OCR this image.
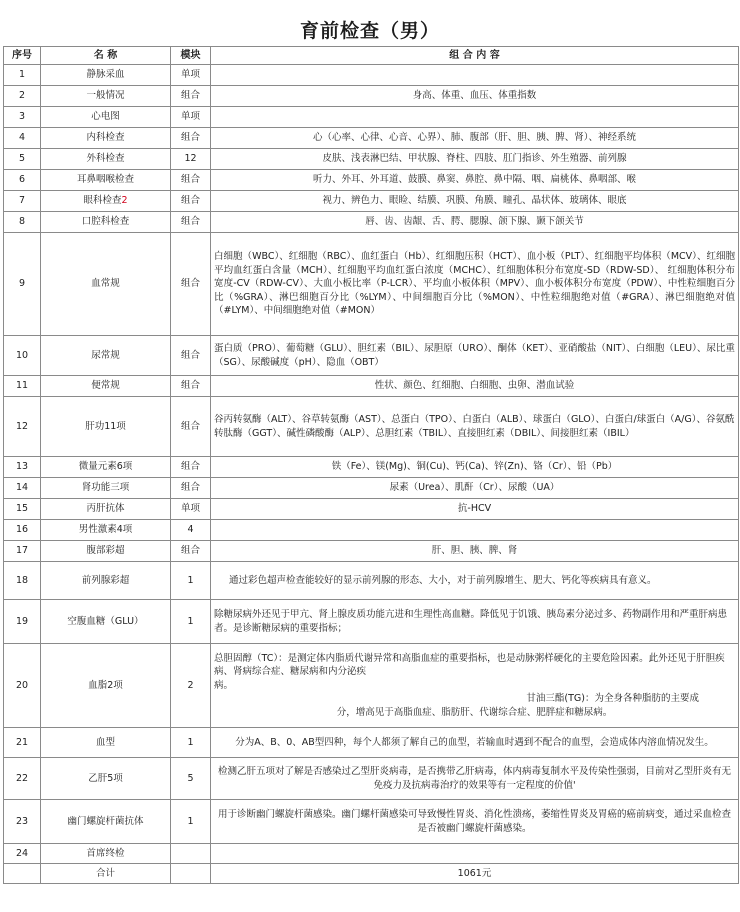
育前检查（男）
序号	名 称	模块	组 合 内 容
1	静脉采血	单项	
2	一般情况	组合	身高、体重、血压、体重指数
3	心电图	单项	
4	内科检查	组合	心（心率、心律、心音、心界）、肺、腹部（肝、胆、胰、脾、肾）、神经系统
5	外科检查	12	皮肤、浅表淋巴结、甲状腺、脊柱、四肢、肛门指诊、外生殖器、前列腺
6	耳鼻咽喉检查	组合	听力、外耳、外耳道、鼓膜、鼻窦、鼻腔、鼻中隔、咽、扁桃体、鼻咽部、喉
7	眼科检查2	组合	视力、辨色力、眼睑、结膜、巩膜、角膜、瞳孔、晶状体、玻璃体、眼底
8	口腔科检查	组合	唇、齿、齿龈、舌、腭、腮腺、颌下腺、颞下颌关节
9	血常规	组合	白细胞（WBC）、红细胞（RBC）、血红蛋白（Hb）、红细胞压积（HCT）、血小板（PLT）、红细胞平均体积（MCV）、红细胞平均血红蛋白含量（MCH）、红细胞平均血红蛋白浓度（MCHC）、红细胞体积分布宽度-SD（RDW-SD）、 红细胞体积分布宽度-CV（RDW-CV）、大血小板比率（P-LCR）、平均血小板体积（MPV）、血小板体积分布宽度（PDW）、中性粒细胞百分比（%GRA）、淋巴细胞百分比（%LYM）、中间细胞百分比（%MON）、中性粒细胞绝对值（#GRA）、淋巴细胞绝对值（#LYM）、中间细胞绝对值（#MON）
10	尿常规	组合	蛋白质（PRO）、葡萄糖（GLU）、胆红素（BIL）、尿胆原（URO）、酮体（KET）、亚硝酸盐（NIT）、白细胞（LEU）、尿比重（SG）、尿酸碱度（pH）、隐血（OBT）
11	便常规	组合	性状、颜色、红细胞、白细胞、虫卵、潜血试验
12	肝功11项	组合	谷丙转氨酶（ALT）、谷草转氨酶（AST）、总蛋白（TPO）、白蛋白（ALB）、球蛋白（GLO）、白蛋白/球蛋白（A/G）、谷氨酰转肽酶（GGT）、碱性磷酸酶（ALP）、总胆红素（TBIL）、直接胆红素（DBIL）、间接胆红素（IBIL）
13	微量元素6项	组合	铁（Fe）、镁(Mg)、铜(Cu)、钙(Ca)、锌(Zn)、铬（Cr）、铅（Pb）
14	肾功能三项	组合	尿素（Urea）、肌酐（Cr）、尿酸（UA）
15	丙肝抗体	单项	抗-HCV
16	男性激素4项	4	
17	腹部彩超	组合	肝、胆、胰、脾、肾
18	前列腺彩超	1	通过彩色超声检查能较好的显示前列腺的形态、大小，对于前列腺增生、肥大、钙化等疾病具有意义。
19	空腹血糖（GLU）	1	除糖尿病外还见于甲亢、肾上腺皮质功能亢进和生理性高血糖。降低见于饥饿、胰岛素分泌过多、药物副作用和严重肝病患者。是诊断糖尿病的重要指标；
20	血脂2项	2	总胆固醇（TC）：是测定体内脂质代谢异常和高脂血症的重要指标，也是动脉粥样硬化的主要危险因素。此外还见于肝胆疾病、肾病综合症、糖尿病和内分泌疾
病。
甘油三酯(TG)：为全身各种脂肪的主要成
分，增高见于高脂血症、脂肪肝、代谢综合症、肥胖症和糖尿病。

21	血型	1	分为A、B、0、AB型四种，每个人都须了解自己的血型，若输血时遇到不配合的血型，会造成体内溶血情况发生。
22	乙肝5项	5	检测乙肝五项对了解是否感染过乙型肝炎病毒，是否携带乙肝病毒，体内病毒复制水平及传染性强弱，目前对乙型肝炎有无免疫力及抗病毒治疗的效果等有一定程度的价值'
23	幽门螺旋杆菌抗体	1	用于诊断幽门螺旋杆菌感染。幽门螺杆菌感染可导致慢性胃炎、消化性溃疡，萎缩性胃炎及胃癌的癌前病变，通过采血检查是否被幽门螺旋杆菌感染。
24	首席终检		
	合计		1061元
